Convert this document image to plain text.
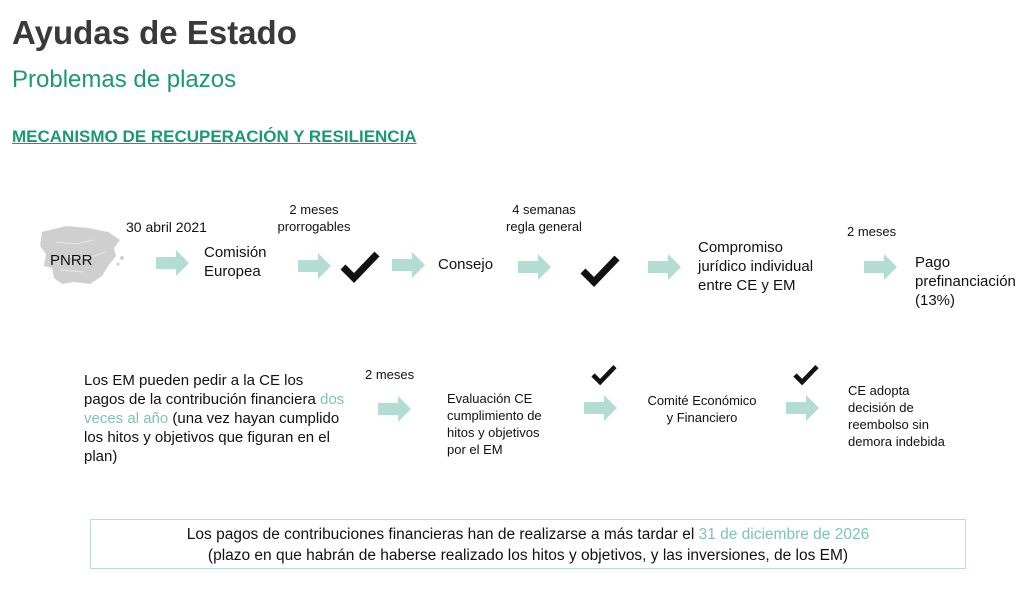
Ayudas de Estado
Problemas de plazos
MECANISMO DE RECUPERACIÓN Y RESILIENCIA
PNRR
30 abril 2021
Comisión
Europea
2 meses
prorrogables
Consejo
4 semanas
regla general
Compromiso
jurídico individual
entre CE y EM
2 meses
Pago
prefinanciación
(13%)
Los EM pueden pedir a la CE los pagos de la contribución financiera dos veces al año (una vez hayan cumplido los hitos y objetivos que figuran en el plan)
2 meses
Evaluación CE
cumplimiento de
hitos y objetivos
por el EM
Comité Económico
y Financiero
CE adopta
decisión de
reembolso sin
demora indebida
Los pagos de contribuciones financieras han de realizarse a más tardar el 31 de diciembre de 2026
(plazo en que habrán de haberse realizado los hitos y objetivos, y las inversiones, de los EM)
